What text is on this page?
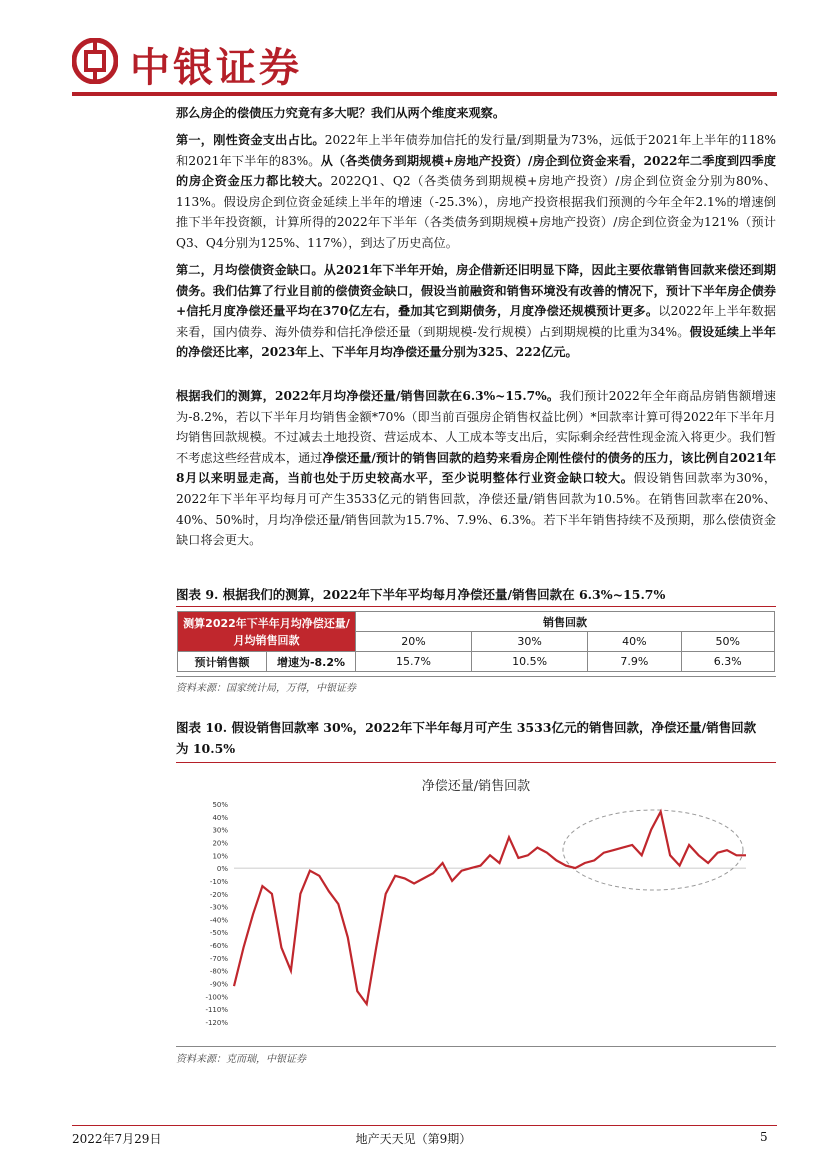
中银证券
那么房企的偿债压力究竟有多大呢？我们从两个维度来观察。
第一，刚性资金支出占比。2022年上半年债券加信托的发行量/到期量为73%，远低于2021年上半年的118%和2021年下半年的83%。从（各类债务到期规模+房地产投资）/房企到位资金来看，2022年二季度到四季度的房企资金压力都比较大。2022Q1、Q2（各类债务到期规模+房地产投资）/房企到位资金分别为80%、113%。假设房企到位资金延续上半年的增速（-25.3%），房地产投资根据我们预测的今年全年2.1%的增速倒推下半年投资额，计算所得的2022年下半年（各类债务到期规模+房地产投资）/房企到位资金为121%（预计Q3、Q4分别为125%、117%），到达了历史高位。
第二，月均偿债资金缺口。从2021年下半年开始，房企借新还旧明显下降，因此主要依靠销售回款来偿还到期债务。我们估算了行业目前的偿债资金缺口，假设当前融资和销售环境没有改善的情况下，预计下半年房企债券+信托月度净偿还量平均在370亿左右，叠加其它到期债务，月度净偿还规模预计更多。以2022年上半年数据来看，国内债券、海外债券和信托净偿还量（到期规模-发行规模）占到期规模的比重为34%。假设延续上半年的净偿还比率，2023年上、下半年月均净偿还量分别为325、222亿元。
根据我们的测算，2022年月均净偿还量/销售回款在6.3%~15.7%。我们预计2022年全年商品房销售额增速为-8.2%，若以下半年月均销售金额*70%（即当前百强房企销售权益比例）*回款率计算可得2022年下半年月均销售回款规模。不过减去土地投资、营运成本、人工成本等支出后，实际剩余经营性现金流入将更少。我们暂不考虑这些经营成本，通过净偿还量/预计的销售回款的趋势来看房企刚性偿付的债务的压力，该比例自2021年8月以来明显走高，当前也处于历史较高水平，至少说明整体行业资金缺口较大。假设销售回款率为30%，2022年下半年平均每月可产生3533亿元的销售回款，净偿还量/销售回款为10.5%。在销售回款率在20%、40%、50%时，月均净偿还量/销售回款为15.7%、7.9%、6.3%。若下半年销售持续不及预期，那么偿债资金缺口将会更大。
图表 9. 根据我们的测算，2022年下半年平均每月净偿还量/销售回款在 6.3%~15.7%
测算2022年下半年月均净偿还量/月均销售回款		销售回款			
		20%	30%	40%	50%
预计销售额	增速为-8.2%	15.7%	10.5%	7.9%	6.3%
资料来源：国家统计局，万得，中银证券
图表 10. 假设销售回款率 30%，2022年下半年每月可产生 3533亿元的销售回款，净偿还量/销售回款
为 10.5%
净偿还量/销售回款
50%
40%
30%
20%
10%
0%
-10%
-20%
-30%
-40%
-50%
-60%
-70%
-80%
-90%
-100%
-110%
-120%
资料来源：克而瑞，中银证券
2022年7月29日	地产天天见（第9期）	5
